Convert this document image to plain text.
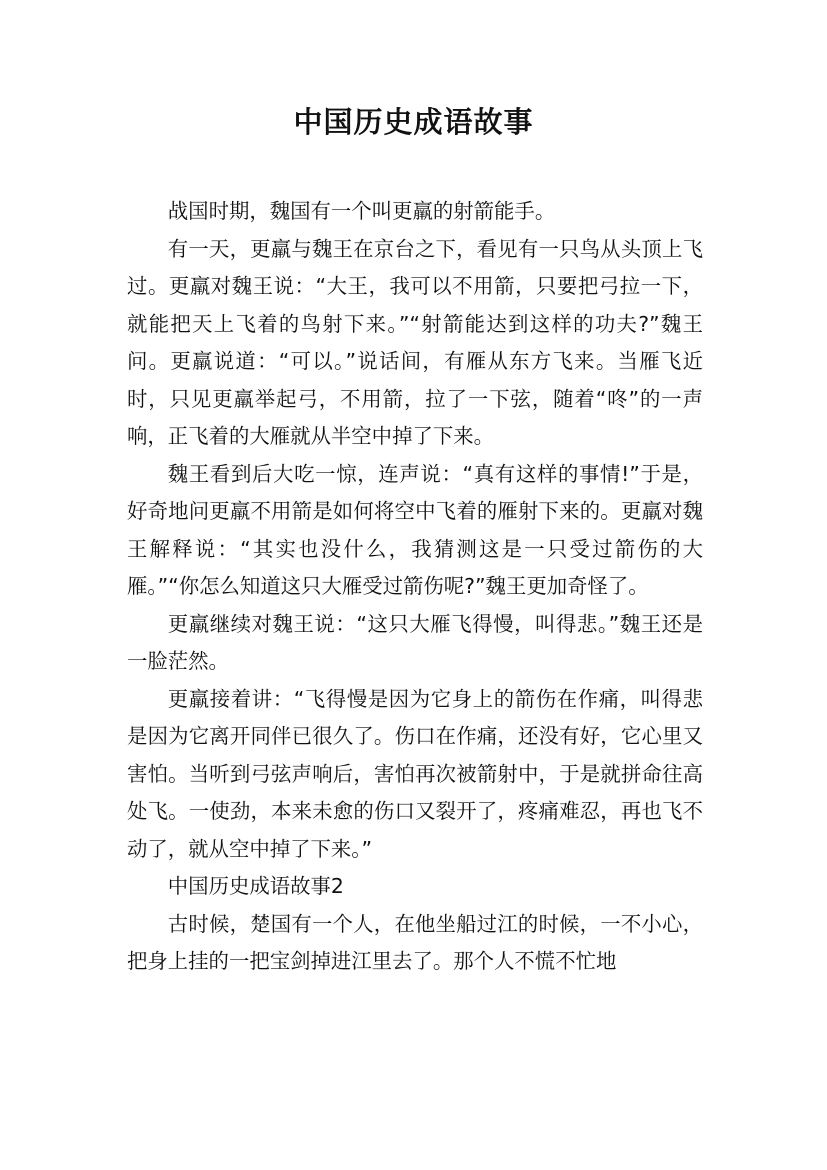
中国历史成语故事

战国时期，魏国有一个叫更羸的射箭能手。

有一天，更羸与魏王在京台之下，看见有一只鸟从头顶上飞过。更羸对魏王说：“大王，我可以不用箭，只要把弓拉一下，就能把天上飞着的鸟射下来。”“射箭能达到这样的功夫?”魏王问。更羸说道：“可以。”说话间，有雁从东方飞来。当雁飞近时，只见更羸举起弓，不用箭，拉了一下弦，随着“咚”的一声响，正飞着的大雁就从半空中掉了下来。

魏王看到后大吃一惊，连声说：“真有这样的事情!”于是，好奇地问更羸不用箭是如何将空中飞着的雁射下来的。更羸对魏王解释说：“其实也没什么，我猜测这是一只受过箭伤的大雁。”“你怎么知道这只大雁受过箭伤呢?”魏王更加奇怪了。

更羸继续对魏王说：“这只大雁飞得慢，叫得悲。”魏王还是一脸茫然。

更羸接着讲：“飞得慢是因为它身上的箭伤在作痛，叫得悲是因为它离开同伴已很久了。伤口在作痛，还没有好，它心里又害怕。当听到弓弦声响后，害怕再次被箭射中，于是就拼命往高处飞。一使劲，本来未愈的伤口又裂开了，疼痛难忍，再也飞不动了，就从空中掉了下来。”

中国历史成语故事2

古时候，楚国有一个人，在他坐船过江的时候，一不小心，把身上挂的一把宝剑掉进江里去了。那个人不慌不忙地
